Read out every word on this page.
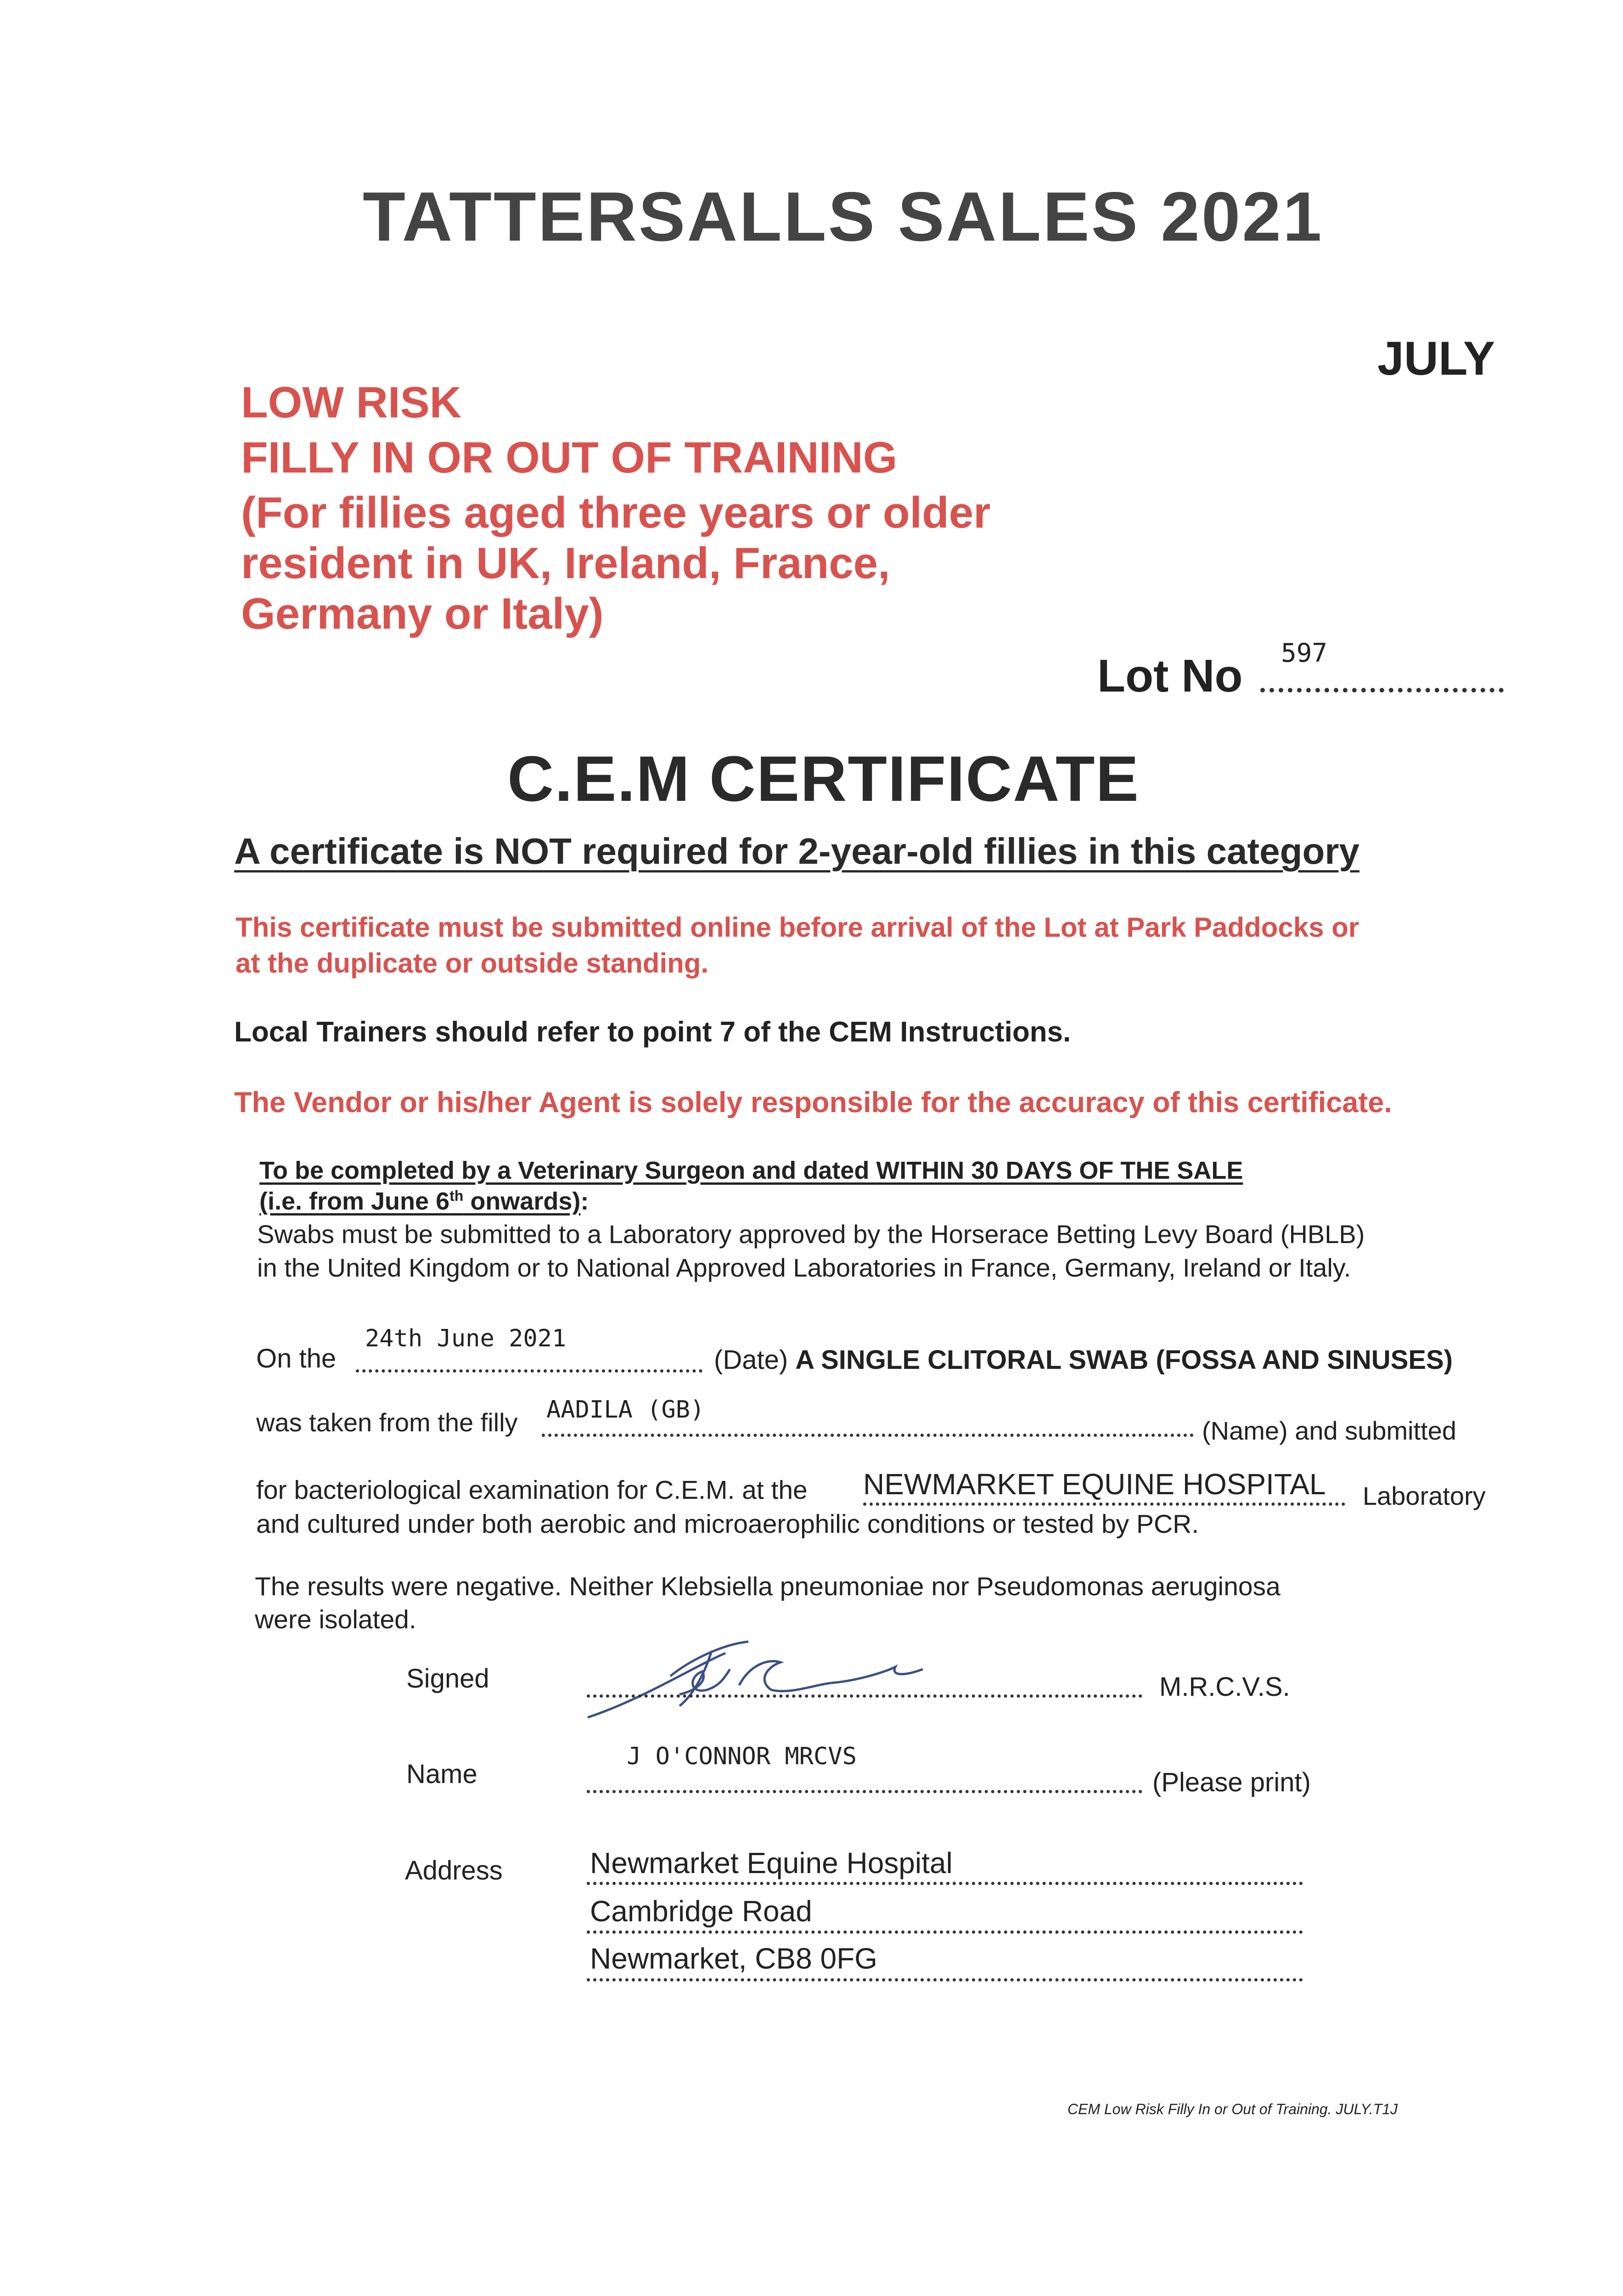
TATTERSALLS SALES 2021
JULY
LOW RISK
FILLY IN OR OUT OF TRAINING
(For fillies aged three years or older
resident in UK, Ireland, France,
Germany or Italy)
Lot No 597
C.E.M CERTIFICATE
A certificate is NOT required for 2-year-old fillies in this category
This certificate must be submitted online before arrival of the Lot at Park Paddocks or
at the duplicate or outside standing.
Local Trainers should refer to point 7 of the CEM Instructions.
The Vendor or his/her Agent is solely responsible for the accuracy of this certificate.
To be completed by a Veterinary Surgeon and dated WITHIN 30 DAYS OF THE SALE
(i.e. from June 6th onwards):
Swabs must be submitted to a Laboratory approved by the Horserace Betting Levy Board (HBLB)
in the United Kingdom or to National Approved Laboratories in France, Germany, Ireland or Italy.
On the
24th June 2021
(Date) A SINGLE CLITORAL SWAB (FOSSA AND SINUSES)
was taken from the filly AADILA (GB)
(Name) and submitted
for bacteriological examination for C.E.M. at the NEWMARKET EQUINE HOSPITAL Laboratory
and cultured under both aerobic and microaerophilic conditions or tested by PCR.
The results were negative. Neither Klebsiella pneumoniae nor Pseudomonas aeruginosa
were isolated.
Signed	M.R.C.V.S.
Name
J O'CONNOR MRCVS
(Please print)
Address	Newmarket Equine Hospital
Cambridge Road
Newmarket, CB8 0FG
CEM Low Risk Filly In or Out of Training. JULY.T1J
